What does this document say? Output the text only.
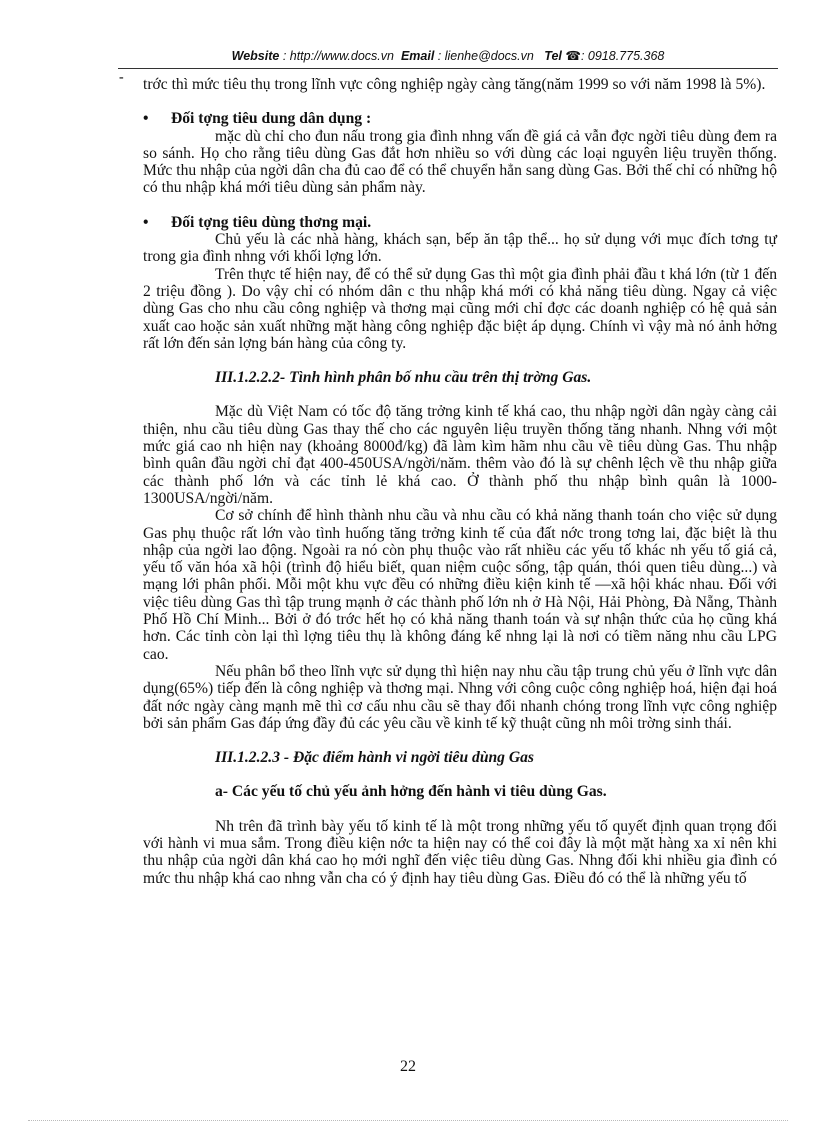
Website : http://www.docs.vn Email : lienhe@docs.vn Tel ☎: 0918.775.368
- trớc thì mức tiêu thụ trong lĩnh vực công nghiệp ngày càng tăng(năm 1999 so với năm 1998 là 5%).

• Đối tợng tiêu dung dân dụng :

mặc dù chỉ cho đun nấu trong gia đình nhng vấn đề giá cả vẫn đợc ngời tiêu dùng đem ra so sánh. Họ cho rằng tiêu dùng Gas đắt hơn nhiều so với dùng các loại nguyên liệu truyền thống. Mức thu nhập của ngời dân cha đủ cao để có thể chuyển hẳn sang dùng Gas. Bởi thế chỉ có những hộ có thu nhập khá mới tiêu dùng sản phẩm này.

• Đối tợng tiêu dùng thơng mại.

Chủ yếu là các nhà hàng, khách sạn, bếp ăn tập thể... họ sử dụng với mục đích tơng tự trong gia đình nhng với khối lợng lớn.

Trên thực tế hiện nay, để có thể sử dụng Gas thì một gia đình phải đầu t khá lớn (từ 1 đến 2 triệu đồng ). Do vậy chỉ có nhóm dân c thu nhập khá mới có khả năng tiêu dùng. Ngay cả việc dùng Gas cho nhu cầu công nghiệp và thơng mại cũng mới chỉ đợc các doanh nghiệp có hệ quả sản xuất cao hoặc sản xuất những mặt hàng công nghiệp đặc biệt áp dụng. Chính vì vậy mà nó ảnh hởng rất lớn đến sản lợng bán hàng của công ty.

III.1.2.2.2- Tình hình phân bố nhu cầu trên thị trờng Gas.

Mặc dù Việt Nam có tốc độ tăng trởng kinh tế khá cao, thu nhập ngời dân ngày càng cải thiện, nhu cầu tiêu dùng Gas thay thế cho các nguyên liệu truyền thống tăng nhanh. Nhng với một mức giá cao nh hiện nay (khoảng 8000đ/kg) đã làm kìm hãm nhu cầu về tiêu dùng Gas. Thu nhập bình quân đầu ngời chỉ đạt 400-450USA/ngời/năm. thêm vào đó là sự chênh lệch về thu nhập giữa các thành phố lớn và các tỉnh lẻ khá cao. Ở thành phố thu nhập bình quân là 1000-1300USA/ngời/năm.

Cơ sở chính để hình thành nhu cầu và nhu cầu có khả năng thanh toán cho việc sử dụng Gas phụ thuộc rất lớn vào tình huống tăng trởng kinh tế của đất nớc trong tơng lai, đặc biệt là thu nhập của ngời lao động. Ngoài ra nó còn phụ thuộc vào rất nhiều các yếu tố khác nh yếu tố giá cả, yếu tố văn hóa xã hội (trình độ hiểu biết, quan niệm cuộc sống, tập quán, thói quen tiêu dùng...) và mạng lới phân phối. Mỗi một khu vực đều có những điều kiện kinh tế —xã hội khác nhau. Đối với việc tiêu dùng Gas thì tập trung mạnh ở các thành phố lớn nh ở Hà Nội, Hải Phòng, Đà Nẵng, Thành Phố Hồ Chí Minh... Bởi ở đó trớc hết họ có khả năng thanh toán và sự nhận thức của họ cũng khá hơn. Các tỉnh còn lại thì lợng tiêu thụ là không đáng kể nhng lại là nơi có tiềm năng nhu cầu LPG cao.

Nếu phân bổ theo lĩnh vực sử dụng thì hiện nay nhu cầu tập trung chủ yếu ở lĩnh vực dân dụng(65%) tiếp đến là công nghiệp và thơng mại. Nhng với công cuộc công nghiệp hoá, hiện đại hoá đất nớc ngày càng mạnh mẽ thì cơ cấu nhu cầu sẽ thay đổi nhanh chóng trong lĩnh vực công nghiệp bởi sản phẩm Gas đáp ứng đầy đủ các yêu cầu về kinh tế kỹ thuật cũng nh môi trờng sinh thái.

III.1.2.2.3 - Đặc điểm hành vi ngời tiêu dùng Gas

a- Các yếu tố chủ yếu ảnh hởng đến hành vi tiêu dùng Gas.

Nh trên đã trình bày yếu tố kinh tế là một trong những yếu tố quyết định quan trọng đối với hành vi mua sắm. Trong điều kiện nớc ta hiện nay có thể coi đây là một mặt hàng xa xỉ nên khi thu nhập của ngời dân khá cao họ mới nghĩ đến việc tiêu dùng Gas. Nhng đối khi nhiều gia đình có mức thu nhập khá cao nhng vẫn cha có ý định hay tiêu dùng Gas. Điều đó có thể là những yếu tố

22
